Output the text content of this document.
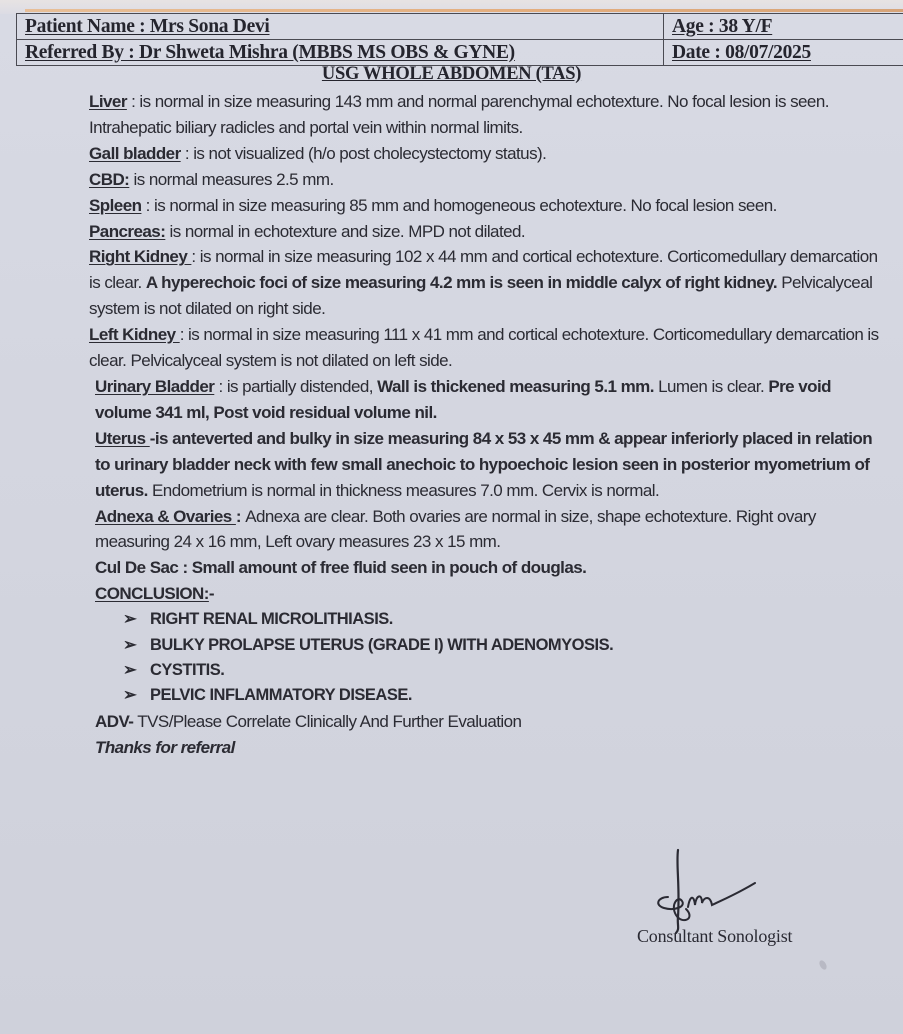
Patient Name : Mrs Sona Devi	Age : 38 Y/F
Referred By : Dr Shweta Mishra (MBBS MS OBS & GYNE)	Date : 08/07/2025
USG WHOLE ABDOMEN (TAS)

Liver : is normal in size measuring 143 mm and normal parenchymal echotexture. No focal lesion is seen. Intrahepatic biliary radicles and portal vein within normal limits.

Gall bladder : is not visualized (h/o post cholecystectomy status).

CBD: is normal measures 2.5 mm.

Spleen : is normal in size measuring 85 mm and homogeneous echotexture. No focal lesion seen.

Pancreas: is normal in echotexture and size. MPD not dilated.

Right Kidney : is normal in size measuring 102 x 44 mm and cortical echotexture. Corticomedullary demarcation is clear. A hyperechoic foci of size measuring 4.2 mm is seen in middle calyx of right kidney. Pelvicalyceal system is not dilated on right side.

Left Kidney : is normal in size measuring 111 x 41 mm and cortical echotexture. Corticomedullary demarcation is clear. Pelvicalyceal system is not dilated on left side.

Urinary Bladder : is partially distended, Wall is thickened measuring 5.1 mm. Lumen is clear. Pre void volume 341 ml, Post void residual volume nil.

Uterus -is anteverted and bulky in size measuring 84 x 53 x 45 mm & appear inferiorly placed in relation to urinary bladder neck with few small anechoic to hypoechoic lesion seen in posterior myometrium of uterus. Endometrium is normal in thickness measures 7.0 mm. Cervix is normal.

Adnexa & Ovaries : Adnexa are clear. Both ovaries are normal in size, shape echotexture. Right ovary measuring 24 x 16 mm, Left ovary measures 23 x 15 mm.

Cul De Sac : Small amount of free fluid seen in pouch of douglas.

CONCLUSION:-

➢ RIGHT RENAL MICROLITHIASIS.
➢ BULKY PROLAPSE UTERUS (GRADE I) WITH ADENOMYOSIS.
➢ CYSTITIS.
➢ PELVIC INFLAMMATORY DISEASE.

ADV- TVS/Please Correlate Clinically And Further Evaluation

Thanks for referral

Consultant Sonologist
